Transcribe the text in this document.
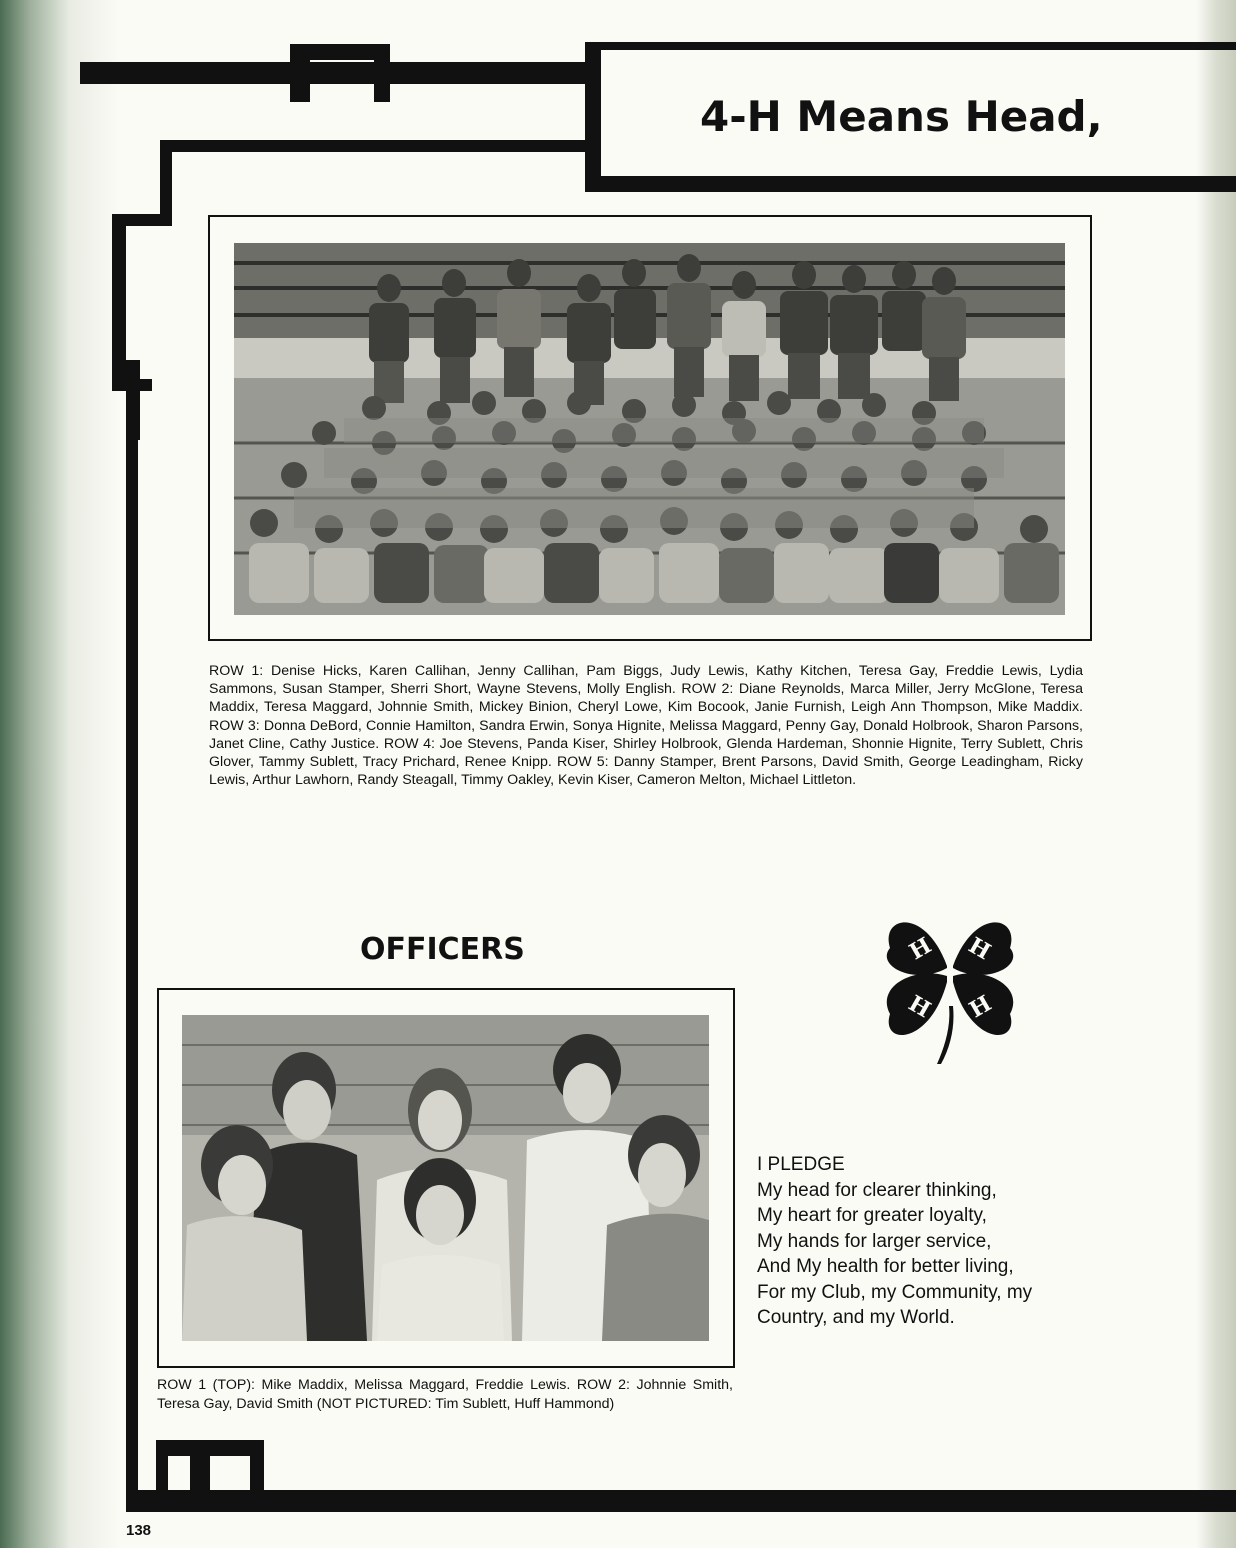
4-H Means Head,
ROW 1: Denise Hicks, Karen Callihan, Jenny Callihan, Pam Biggs, Judy Lewis, Kathy Kitchen, Teresa Gay, Freddie Lewis, Lydia Sammons, Susan Stamper, Sherri Short, Wayne Stevens, Molly English. ROW 2: Diane Reynolds, Marca Miller, Jerry McGlone, Teresa Maddix, Teresa Maggard, Johnnie Smith, Mickey Binion, Cheryl Lowe, Kim Bocook, Janie Furnish, Leigh Ann Thompson, Mike Maddix. ROW 3: Donna DeBord, Connie Hamilton, Sandra Erwin, Sonya Hignite, Melissa Maggard, Penny Gay, Donald Holbrook, Sharon Parsons, Janet Cline, Cathy Justice. ROW 4: Joe Stevens, Panda Kiser, Shirley Holbrook, Glenda Hardeman, Shonnie Hignite, Terry Sublett, Chris Glover, Tammy Sublett, Tracy Prichard, Renee Knipp. ROW 5: Danny Stamper, Brent Parsons, David Smith, George Leadingham, Ricky Lewis, Arthur Lawhorn, Randy Steagall, Timmy Oakley, Kevin Kiser, Cameron Melton, Michael Littleton.
OFFICERS	H H
H H
ROW 1 (TOP): Mike Maddix, Melissa Maggard, Freddie Lewis. ROW 2: Johnnie Smith, Teresa Gay, David Smith (NOT PICTURED: Tim Sublett, Huff Hammond)
I PLEDGE
My head for clearer thinking,
My heart for greater loyalty,
My hands for larger service,
And My health for better living,
For my Club, my Community, my
Country, and my World.
138
